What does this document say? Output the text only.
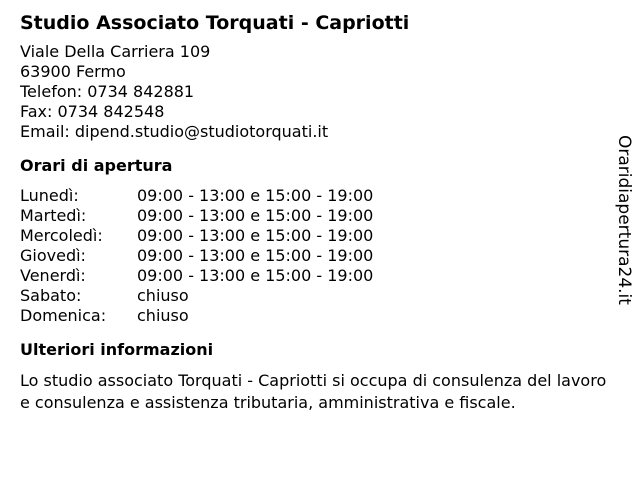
Studio Associato Torquati - Capriotti
Viale Della Carriera 109
63900 Fermo
Telefon: 0734 842881
Fax: 0734 842548
Email: dipend.studio@studiotorquati.it
Orari di apertura
Lunedì:	09:00 - 13:00 e 15:00 - 19:00
Martedì:	09:00 - 13:00 e 15:00 - 19:00
Mercoledì:	09:00 - 13:00 e 15:00 - 19:00
Giovedì:	09:00 - 13:00 e 15:00 - 19:00
Venerdì:	09:00 - 13:00 e 15:00 - 19:00
Sabato:	chiuso
Domenica:	chiuso
Ulteriori informazioni
Lo studio associato Torquati - Capriotti si occupa di consulenza del lavoro e consulenza e assistenza tributaria, amministrativa e fiscale.
Oraridiapertura24.it
